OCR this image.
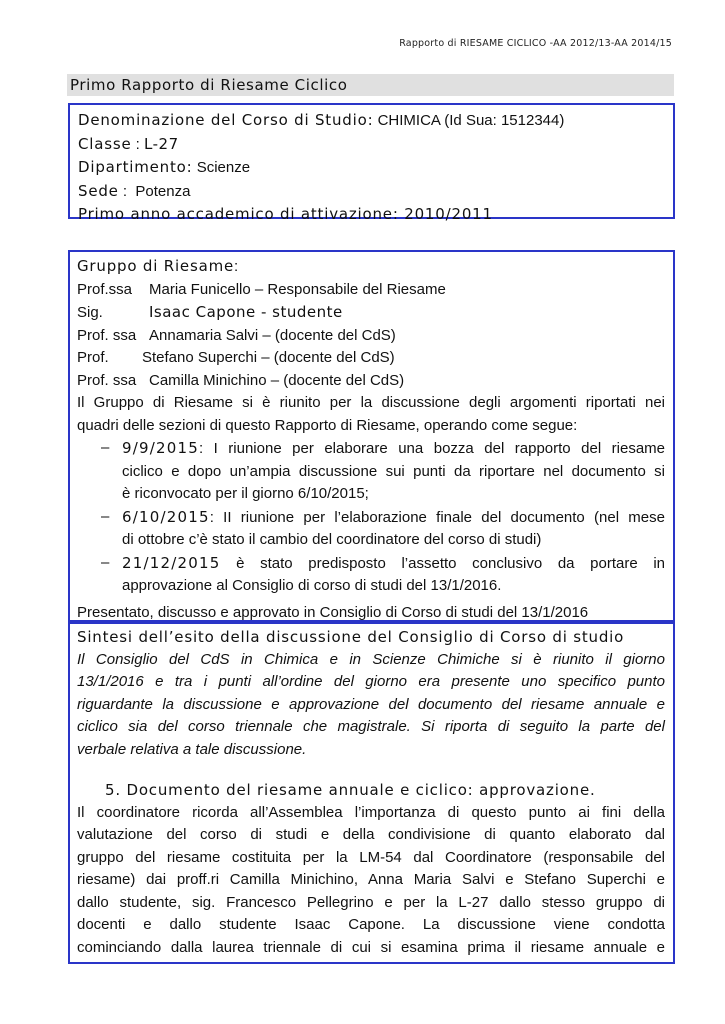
Rapporto di RIESAME CICLICO -AA 2012/13-AA 2014/15
Primo Rapporto di Riesame Ciclico
Denominazione del Corso di Studio: CHIMICA (Id Sua: 1512344)
Classe : L-27
Dipartimento: Scienze
Sede : Potenza
Primo anno accademico di attivazione: 2010/2011
Gruppo di Riesame:
Prof.ssa Maria Funicello – Responsabile del Riesame
Sig.	Isaac Capone - studente
Prof. ssa Annamaria Salvi – (docente del CdS)
Prof. Stefano Superchi – (docente del CdS)
Prof. ssa Camilla Minichino – (docente del CdS)
Il Gruppo di Riesame si è riunito per la discussione degli argomenti riportati nei
quadri delle sezioni di questo Rapporto di Riesame, operando come segue:
– 9/9/2015: I riunione per elaborare una bozza del rapporto del riesame
ciclico e dopo un’ampia discussione sui punti da riportare nel documento si
è riconvocato per il giorno 6/10/2015;
– 6/10/2015: II riunione per l’elaborazione finale del documento (nel mese
di ottobre c’è stato il cambio del coordinatore del corso di studi)
– 21/12/2015 è stato predisposto l’assetto conclusivo da portare in
approvazione al Consiglio di corso di studi del 13/1/2016.
Presentato, discusso e approvato in Consiglio di Corso di studi del 13/1/2016
Sintesi dell’esito della discussione del Consiglio di Corso di studio
Il Consiglio del CdS in Chimica e in Scienze Chimiche si è riunito il giorno
13/1/2016 e tra i punti all’ordine del giorno era presente uno specifico punto
riguardante la discussione e approvazione del documento del riesame annuale e
ciclico sia del corso triennale che magistrale. Si riporta di seguito la parte del
verbale relativa a tale discussione.
5. Documento del riesame annuale e ciclico: approvazione.
Il coordinatore ricorda all’Assemblea l’importanza di questo punto ai fini della
valutazione del corso di studi e della condivisione di quanto elaborato dal
gruppo del riesame costituita per la LM-54 dal Coordinatore (responsabile del
riesame) dai proff.ri Camilla Minichino, Anna Maria Salvi e Stefano Superchi e
dallo studente, sig. Francesco Pellegrino e per la L-27 dallo stesso gruppo di
docenti e dallo studente Isaac Capone. La discussione viene condotta
cominciando dalla laurea triennale di cui si esamina prima il riesame annuale e
